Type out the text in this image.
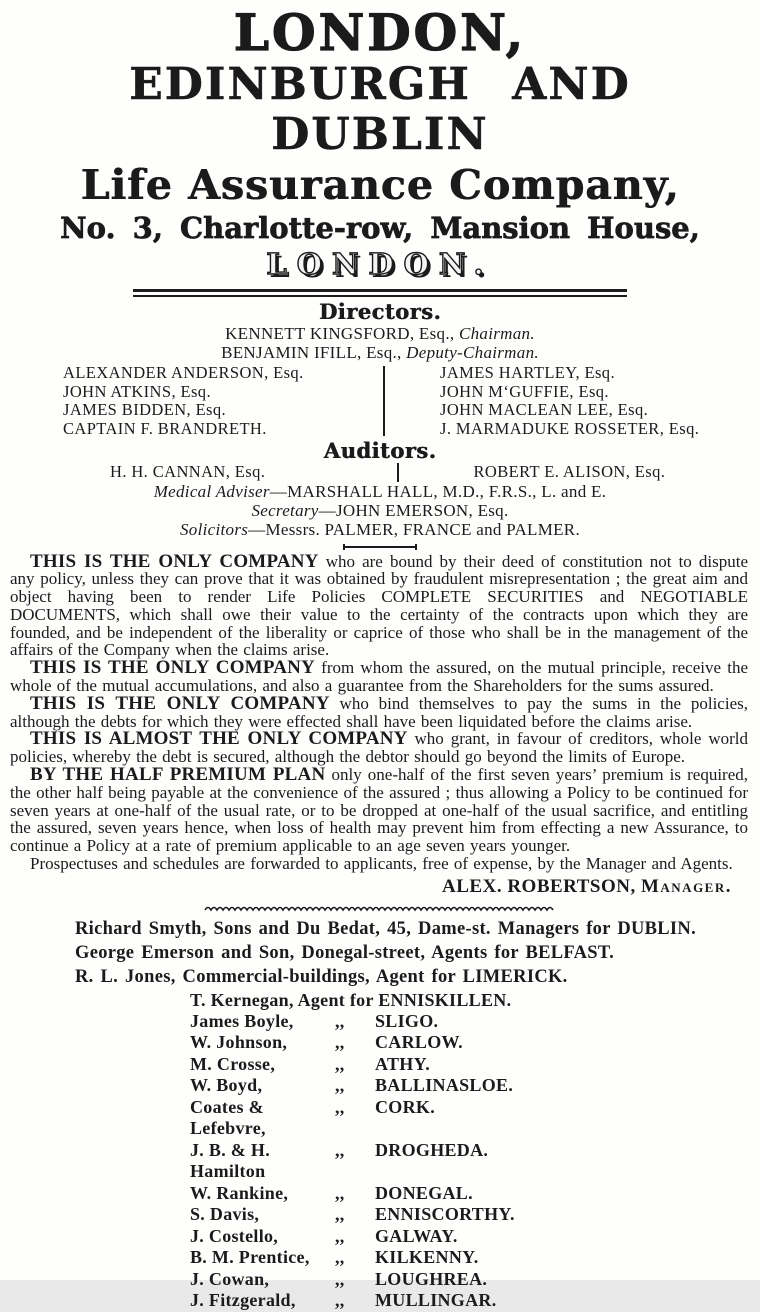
LONDON,
EDINBURGH AND DUBLIN
Life Assurance Company,
No. 3, Charlotte-row, Mansion House,
LONDON.
Directors.
KENNETT KINGSFORD, Esq., Chairman.
BENJAMIN IFILL, Esq., Deputy-Chairman.
ALEXANDER ANDERSON, Esq.
JOHN ATKINS, Esq.
JAMES BIDDEN, Esq.
CAPTAIN F. BRANDRETH.
JAMES HARTLEY, Esq.
JOHN M‘GUFFIE, Esq.
JOHN MACLEAN LEE, Esq.
J. MARMADUKE ROSSETER, Esq.
Auditors.
H. H. CANNAN, Esq.	ROBERT E. ALISON, Esq.
Medical Adviser—MARSHALL HALL, M.D., F.R.S., L. and E.
Secretary—JOHN EMERSON, Esq.
Solicitors—Messrs. PALMER, FRANCE and PALMER.

THIS IS THE ONLY COMPANY who are bound by their deed of constitution not to dispute any policy, unless they can prove that it was obtained by fraudulent misrepresentation ; the great aim and object having been to render Life Policies COMPLETE SECURITIES and NEGOTIABLE DOCUMENTS, which shall owe their value to the certainty of the contracts upon which they are founded, and be independent of the liberality or caprice of those who shall be in the management of the affairs of the Company when the claims arise.

THIS IS THE ONLY COMPANY from whom the assured, on the mutual principle, receive the whole of the mutual accumulations, and also a guarantee from the Shareholders for the sums assured.

THIS IS THE ONLY COMPANY who bind themselves to pay the sums in the policies, although the debts for which they were effected shall have been liquidated before the claims arise.

THIS IS ALMOST THE ONLY COMPANY who grant, in favour of creditors, whole world policies, whereby the debt is secured, although the debtor should go beyond the limits of Europe.

BY THE HALF PREMIUM PLAN only one-half of the first seven years’ premium is required, the other half being payable at the convenience of the assured ; thus allowing a Policy to be continued for seven years at one-half of the usual rate, or to be dropped at one-half of the usual sacrifice, and entitling the assured, seven years hence, when loss of health may prevent him from effecting a new Assurance, to continue a Policy at a rate of premium applicable to an age seven years younger.

Prospectuses and schedules are forwarded to applicants, free of expense, by the Manager and Agents.

ALEX. ROBERTSON, Manager.
Richard Smyth, Sons and Du Bedat, 45, Dame-st. Managers for DUBLIN.
George Emerson and Son, Donegal-street, Agents for BELFAST.
R. L. Jones, Commercial-buildings, Agent for LIMERICK.
T. Kernegan, Agent for ENNISKILLEN.
James Boyle,	,,	SLIGO.
W. Johnson,	,,	CARLOW.
M. Crosse,	,,	ATHY.
W. Boyd,	,,	BALLINASLOE.
Coates & Lefebvre,
,,	CORK.
J. B. & H. Hamilton
,,	DROGHEDA.
W. Rankine,	,,	DONEGAL.
S. Davis,	,,	ENNISCORTHY.
J. Costello,	,,	GALWAY.
B. M. Prentice,	,,	KILKENNY.
J. Cowan,	,,	LOUGHREA.
J. Fitzgerald,	,,	MULLINGAR.
